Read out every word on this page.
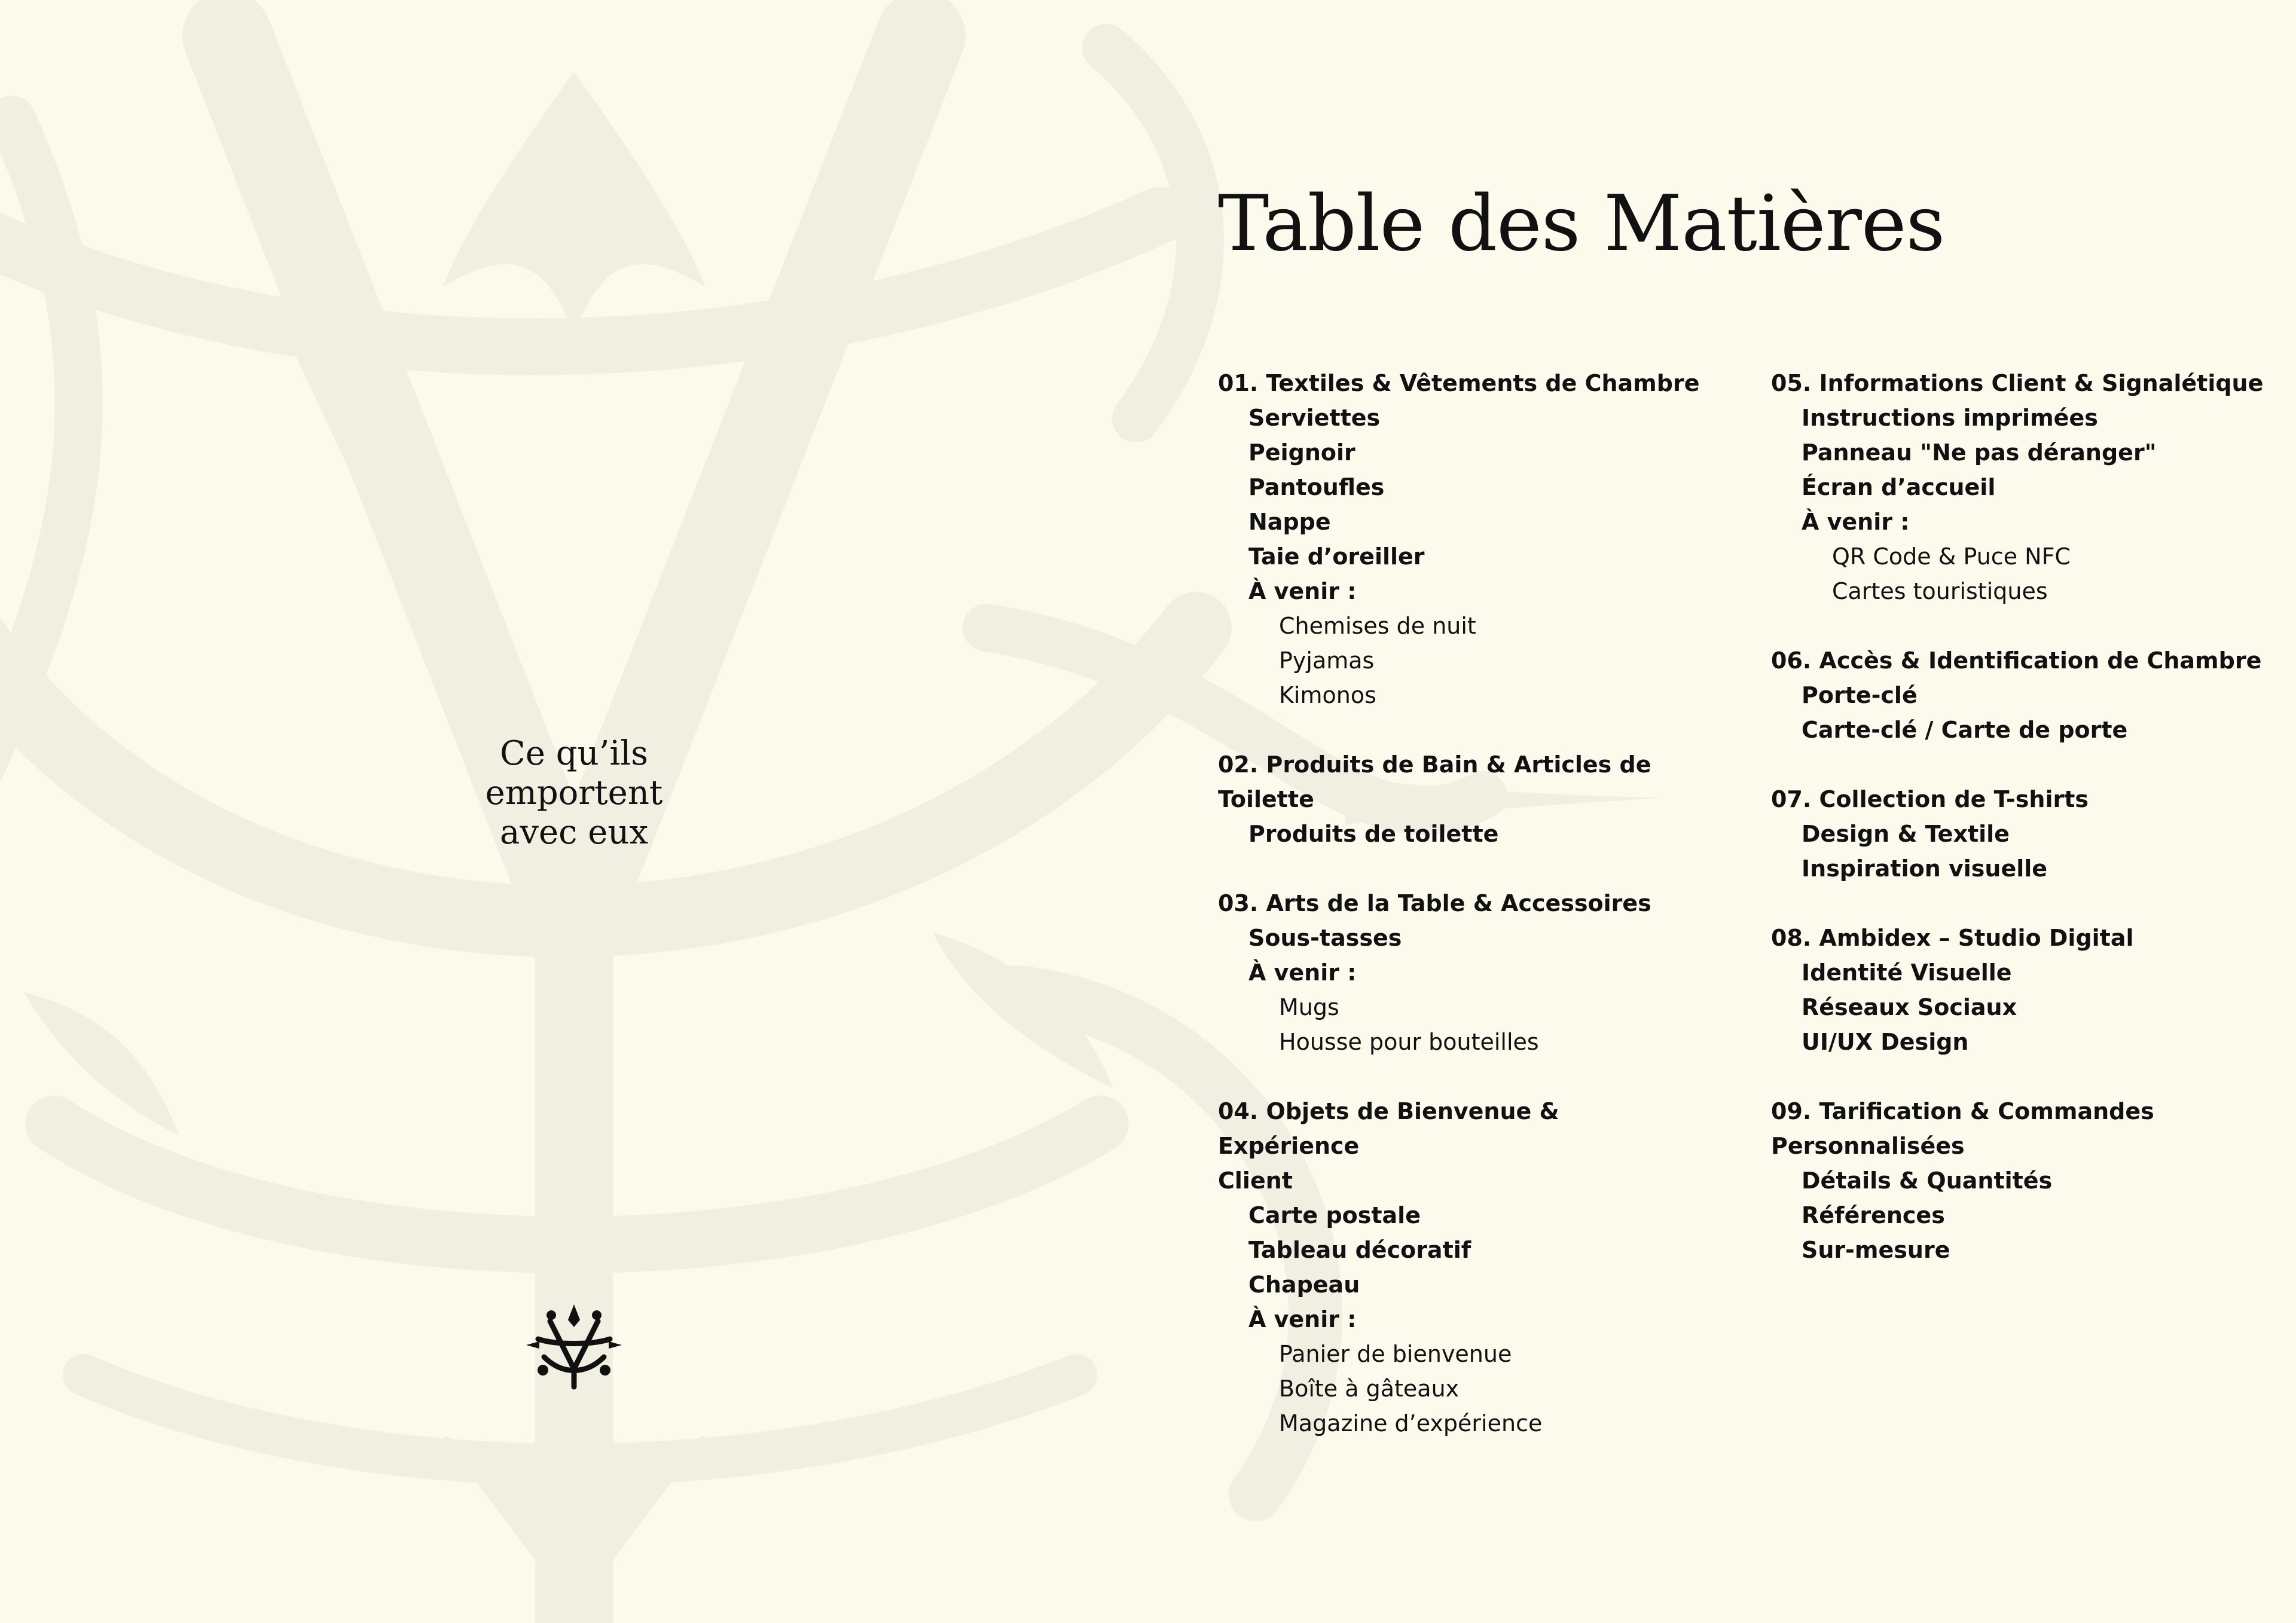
Table des Matières
Ce qu’ils
emportent
avec eux
01. Textiles & Vêtements de Chambre
Serviettes
Peignoir
Pantoufles
Nappe
Taie d’oreiller
À venir :
Chemises de nuit
Pyjamas
Kimonos
02. Produits de Bain & Articles de
Toilette
Produits de toilette
03. Arts de la Table & Accessoires
Sous-tasses
À venir :
Mugs
Housse pour bouteilles
04. Objets de Bienvenue & Expérience
Client
Carte postale
Tableau décoratif
Chapeau
À venir :
Panier de bienvenue
Boîte à gâteaux
Magazine d’expérience
05. Informations Client & Signalétique
Instructions imprimées
Panneau "Ne pas déranger"
Écran d’accueil
À venir :
QR Code & Puce NFC
Cartes touristiques
06. Accès & Identification de Chambre
Porte-clé
Carte-clé / Carte de porte
07. Collection de T-shirts
Design & Textile
Inspiration visuelle
08. Ambidex – Studio Digital
Identité Visuelle
Réseaux Sociaux
UI/UX Design
09. Tarification & Commandes
Personnalisées
Détails & Quantités
Références
Sur-mesure
